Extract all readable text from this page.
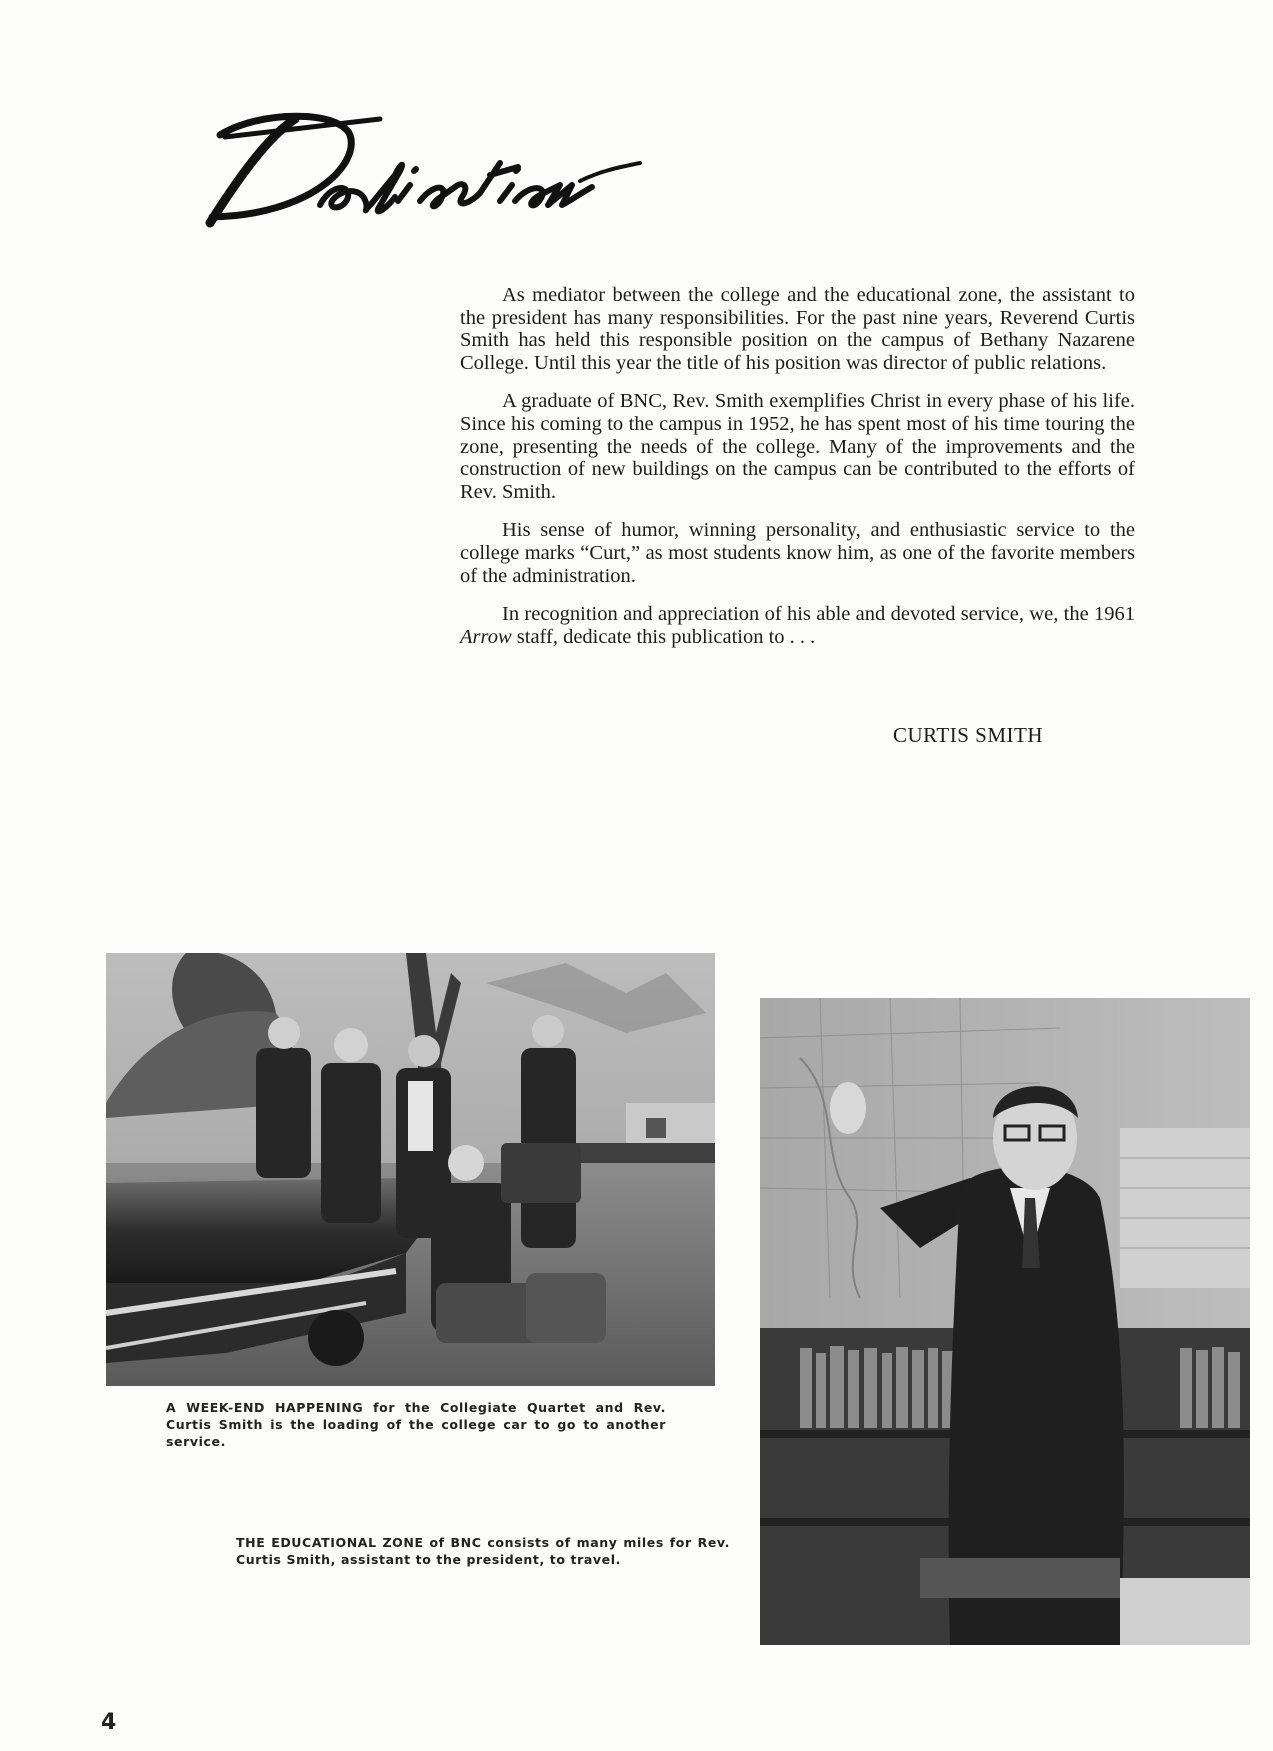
As mediator between the college and the educational zone, the assistant to the president has many responsibilities. For the past nine years, Reverend Curtis Smith has held this responsible position on the campus of Bethany Nazarene College. Until this year the title of his position was director of public relations.

A graduate of BNC, Rev. Smith exemplifies Christ in every phase of his life. Since his coming to the campus in 1952, he has spent most of his time touring the zone, presenting the needs of the college. Many of the improvements and the construction of new buildings on the campus can be contributed to the efforts of Rev. Smith.

His sense of humor, winning personality, and enthusiastic service to the college marks “Curt,” as most students know him, as one of the favorite members of the administration.

In recognition and appreciation of his able and devoted service, we, the 1961 Arrow staff, dedicate this publication to . . .

CURTIS SMITH
A WEEK-END HAPPENING for the Collegiate Quartet and Rev. Curtis Smith is the loading of the college car to go to another service.
THE EDUCATIONAL ZONE of BNC consists of many miles for Rev. Curtis Smith, assistant to the president, to travel.
4
